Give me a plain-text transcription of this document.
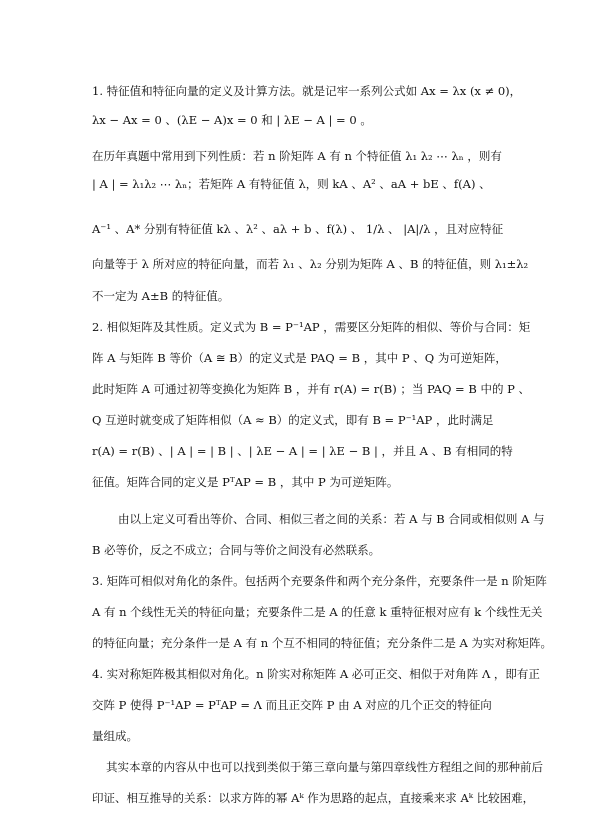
1. 特征值和特征向量的定义及计算方法。就是记牢一系列公式如 Ax = λx (x ≠ 0)，
λx − Ax = 0 、(λE − A)x = 0 和 | λE − A | = 0 。
在历年真题中常用到下列性质：若 n 阶矩阵 A 有 n 个特征值 λ₁ λ₂ ⋯ λₙ ，则有
| A | = λ₁λ₂ ⋯ λₙ；若矩阵 A 有特征值 λ，则 kA 、A² 、aA + bE 、f(A) 、
A⁻¹ 、A* 分别有特征值 kλ 、λ² 、aλ + b 、f(λ) 、 1/λ 、 |A|/λ ，且对应特征
向量等于 λ 所对应的特征向量，而若 λ₁ 、λ₂ 分别为矩阵 A 、B 的特征值，则 λ₁±λ₂
不一定为 A±B 的特征值。
2. 相似矩阵及其性质。定义式为 B = P⁻¹AP ，需要区分矩阵的相似、等价与合同：矩
阵 A 与矩阵 B 等价（A ≅ B）的定义式是 PAQ = B ，其中 P 、Q 为可逆矩阵，
此时矩阵 A 可通过初等变换化为矩阵 B ，并有 r(A) = r(B) ；当 PAQ = B 中的 P 、
Q 互逆时就变成了矩阵相似（A ≈ B）的定义式，即有 B = P⁻¹AP ，此时满足
r(A) = r(B) 、| A | = | B | 、| λE − A | = | λE − B | ，并且 A 、B 有相同的特
征值。矩阵合同的定义是 PᵀAP = B ，其中 P 为可逆矩阵。
由以上定义可看出等价、合同、相似三者之间的关系：若 A 与 B 合同或相似则 A 与
B 必等价，反之不成立；合同与等价之间没有必然联系。
3. 矩阵可相似对角化的条件。包括两个充要条件和两个充分条件，充要条件一是 n 阶矩阵
A 有 n 个线性无关的特征向量；充要条件二是 A 的任意 k 重特征根对应有 k 个线性无关
的特征向量；充分条件一是 A 有 n 个互不相同的特征值；充分条件二是 A 为实对称矩阵。
4. 实对称矩阵极其相似对角化。n 阶实对称矩阵 A 必可正交、相似于对角阵 Λ ，即有正
交阵 P 使得 P⁻¹AP = PᵀAP = Λ 而且正交阵 P 由 A 对应的几个正交的特征向
量组成。
其实本章的内容从中也可以找到类似于第三章向量与第四章线性方程组之间的那种前后
印证、相互推导的关系：以求方阵的幂 Aᵏ 作为思路的起点，直接乘来求 Aᵏ 比较困难，
